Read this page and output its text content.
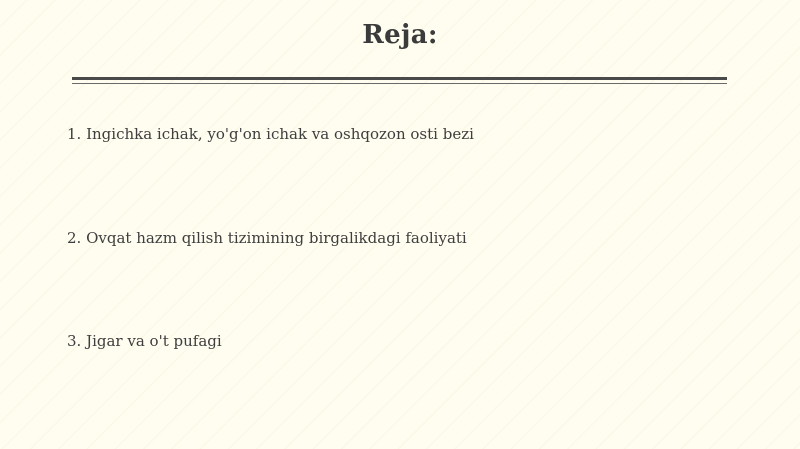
Reja:
1. Ingichka ichak, yo'g'on ichak va oshqozon osti bezi
2. Ovqat hazm qilish tizimining birgalikdagi faoliyati
3. Jigar va o't pufagi
